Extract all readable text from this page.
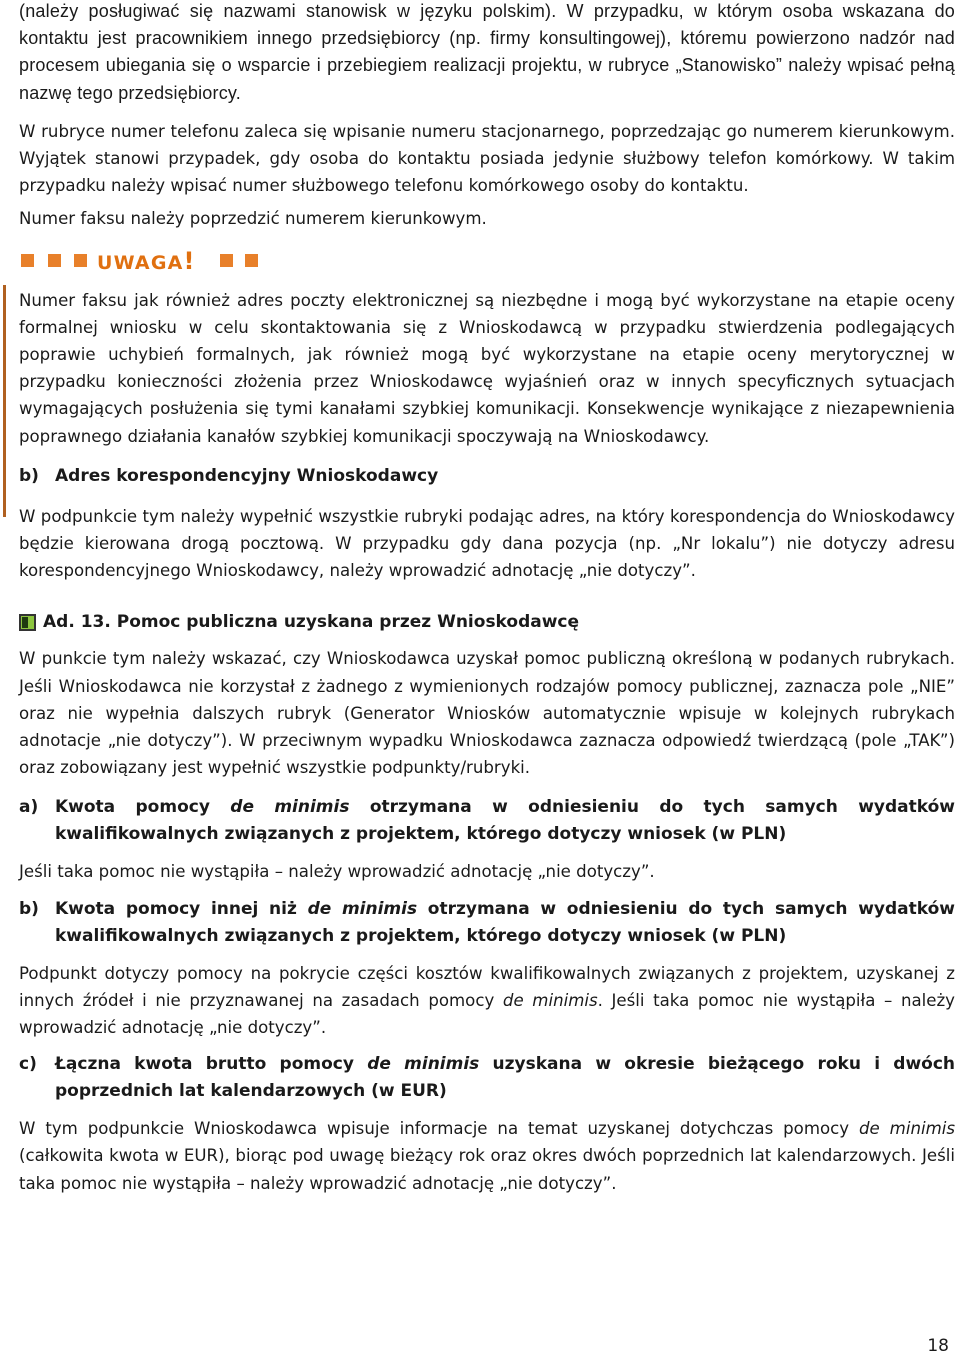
(należy posługiwać się nazwami stanowisk w języku polskim). W przypadku, w którym osoba wskazana do kontaktu jest pracownikiem innego przedsiębiorcy (np. firmy konsultingowej), któremu powierzono nadzór nad procesem ubiegania się o wsparcie i przebiegiem realizacji projektu, w rubryce „Stanowisko” należy wpisać pełną nazwę tego przedsiębiorcy.

W rubryce numer telefonu zaleca się wpisanie numeru stacjonarnego, poprzedzając go numerem kierunkowym. Wyjątek stanowi przypadek, gdy osoba do kontaktu posiada jedynie służbowy telefon komórkowy. W takim przypadku należy wpisać numer służbowego telefonu komórkowego osoby do kontaktu.

Numer faksu należy poprzedzić numerem kierunkowym.

UWAGA!

Numer faksu jak również adres poczty elektronicznej są niezbędne i mogą być wykorzystane na etapie oceny formalnej wniosku w celu skontaktowania się z Wnioskodawcą w przypadku stwierdzenia podlegających poprawie uchybień formalnych, jak również mogą być wykorzystane na etapie oceny merytorycznej w przypadku konieczności złożenia przez Wnioskodawcę wyjaśnień oraz w innych specyficznych sytuacjach wymagających posłużenia się tymi kanałami szybkiej komunikacji. Konsekwencje wynikające z niezapewnienia poprawnego działania kanałów szybkiej komunikacji spoczywają na Wnioskodawcy.

b) Adres korespondencyjny Wnioskodawcy

W podpunkcie tym należy wypełnić wszystkie rubryki podając adres, na który korespondencja do Wnioskodawcy będzie kierowana drogą pocztową. W przypadku gdy dana pozycja (np. „Nr lokalu”) nie dotyczy adresu korespondencyjnego Wnioskodawcy, należy wprowadzić adnotację „nie dotyczy”.

Ad. 13. Pomoc publiczna uzyskana przez Wnioskodawcę

W punkcie tym należy wskazać, czy Wnioskodawca uzyskał pomoc publiczną określoną w podanych rubrykach. Jeśli Wnioskodawca nie korzystał z żadnego z wymienionych rodzajów pomocy publicznej, zaznacza pole „NIE” oraz nie wypełnia dalszych rubryk (Generator Wniosków automatycznie wpisuje w kolejnych rubrykach adnotacje „nie dotyczy”). W przeciwnym wypadku Wnioskodawca zaznacza odpowiedź twierdzącą (pole „TAK”) oraz zobowiązany jest wypełnić wszystkie podpunkty/rubryki.

a) Kwota pomocy de minimis otrzymana w odniesieniu do tych samych wydatków kwalifikowalnych związanych z projektem, którego dotyczy wniosek (w PLN)

Jeśli taka pomoc nie wystąpiła – należy wprowadzić adnotację „nie dotyczy”.

b) Kwota pomocy innej niż de minimis otrzymana w odniesieniu do tych samych wydatków kwalifikowalnych związanych z projektem, którego dotyczy wniosek (w PLN)

Podpunkt dotyczy pomocy na pokrycie części kosztów kwalifikowalnych związanych z projektem, uzyskanej z innych źródeł i nie przyznawanej na zasadach pomocy de minimis. Jeśli taka pomoc nie wystąpiła – należy wprowadzić adnotację „nie dotyczy”.

c)	Łączna kwota brutto pomocy de minimis uzyskana w okresie bieżącego roku i dwóch poprzednich lat kalendarzowych (w EUR)

W tym podpunkcie Wnioskodawca wpisuje informacje na temat uzyskanej dotychczas pomocy de minimis (całkowita kwota w EUR), biorąc pod uwagę bieżący rok oraz okres dwóch poprzednich lat kalendarzowych. Jeśli taka pomoc nie wystąpiła – należy wprowadzić adnotację „nie dotyczy”.

18
